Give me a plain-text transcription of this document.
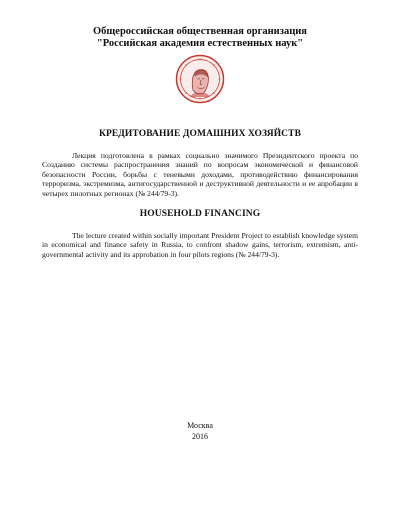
Общероссийская общественная организация
"Российская академия естественных наук"
КРЕДИТОВАНИЕ ДОМАШНИХ ХОЗЯЙСТВ

Лекция подготовлена в рамках социально значимого Президентского проекта по Созданию системы распространения знаний по вопросам экономической и финансовой безопасности России, борьбы с теневыми доходами, противодействию финансирования терроризма, экстремизма, антигосударственной и деструктивной деятельности и ее апробации в четырех пилотных регионах (№ 244/79-3).

HOUSEHOLD FINANCING

The lecture created within socially important President Project to establish knowledge system in economical and finance safety in Russia, to confront shadow gains, terrorism, extremism, anti-governmental activity and its approbation in four pilots regions (№ 244/79-3).

Москва
2016
